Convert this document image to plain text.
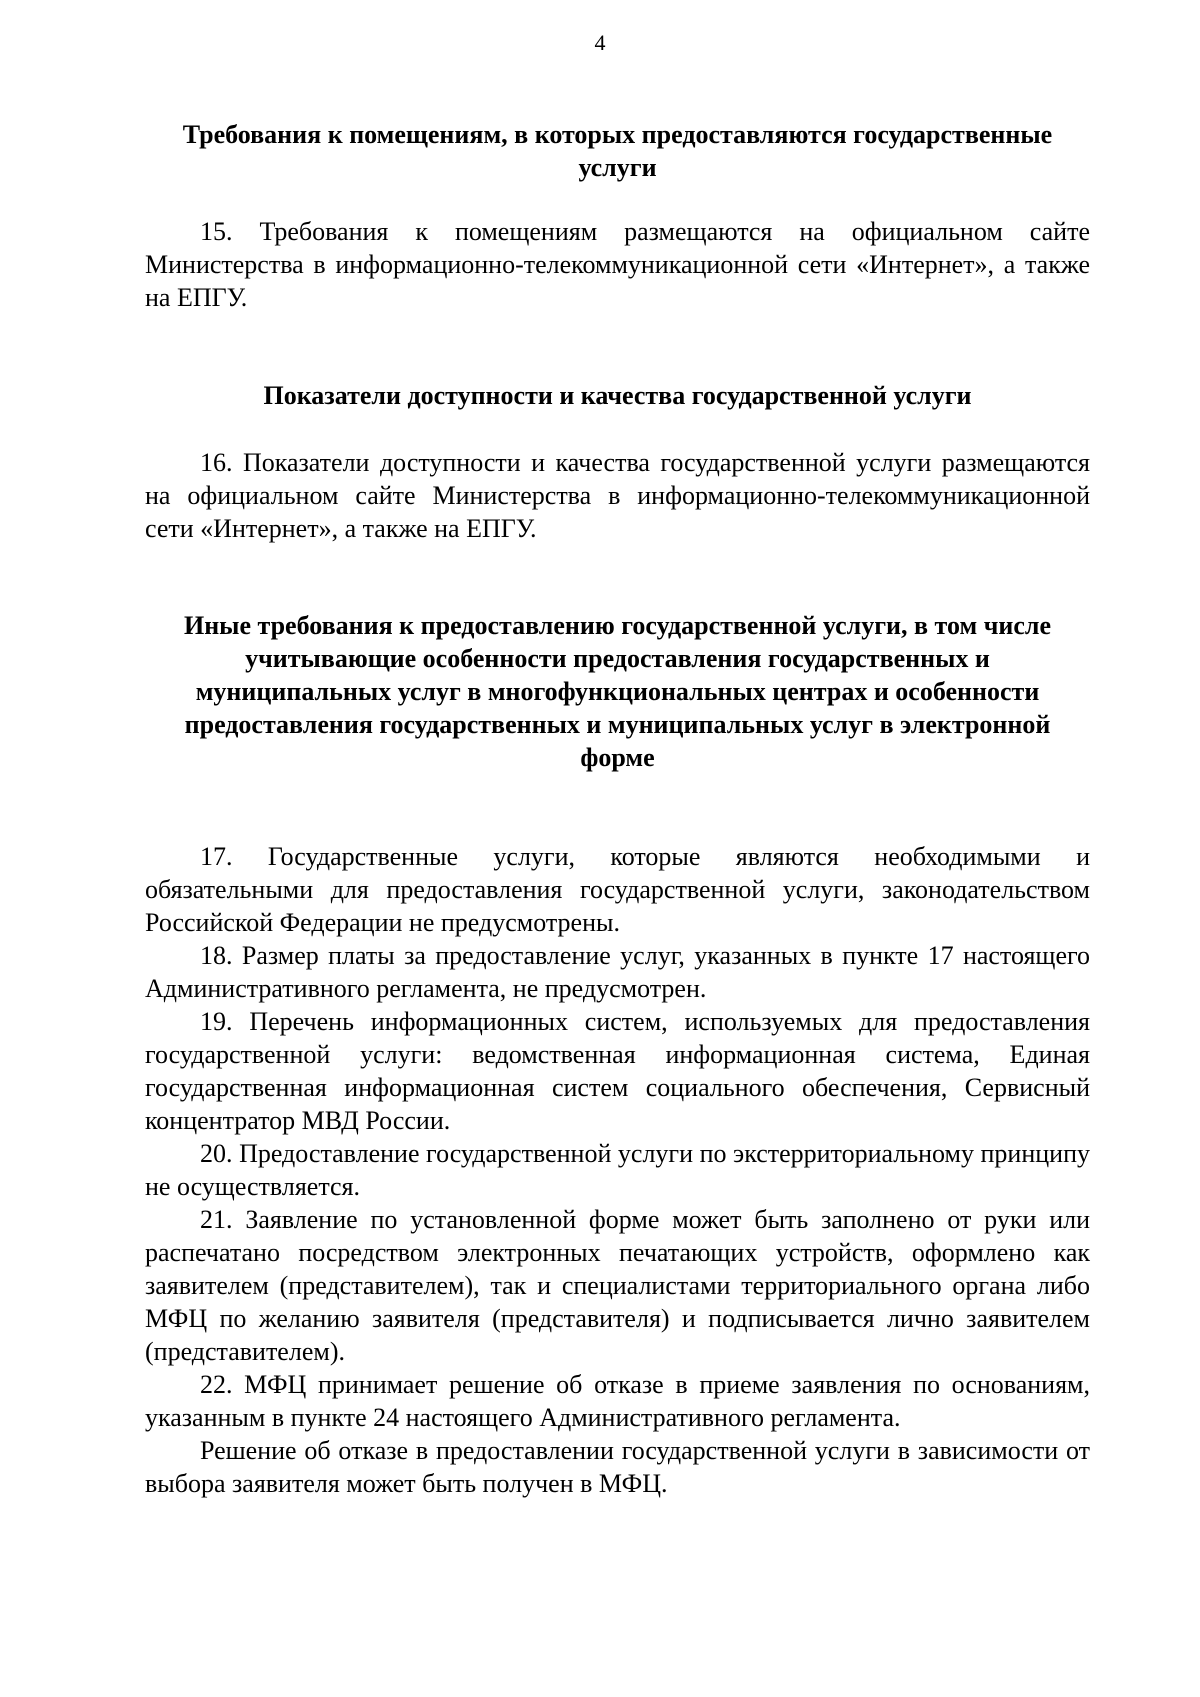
4
Требования к помещениям, в которых предоставляются государственные услуги

15. Требования к помещениям размещаются на официальном сайте Министерства в информационно-телекоммуникационной сети «Интернет», а также на ЕПГУ.

Показатели доступности и качества государственной услуги

16. Показатели доступности и качества государственной услуги размещаются на официальном сайте Министерства в информационно-телекоммуникационной сети «Интернет», а также на ЕПГУ.

Иные требования к предоставлению государственной услуги, в том числе учитывающие особенности предоставления государственных и муниципальных услуг в многофункциональных центрах и особенности предоставления государственных и муниципальных услуг в электронной форме

17. Государственные услуги, которые являются необходимыми и обязательными для предоставления государственной услуги, законодательством Российской Федерации не предусмотрены.

18. Размер платы за предоставление услуг, указанных в пункте 17 настоящего Административного регламента, не предусмотрен.

19. Перечень информационных систем, используемых для предоставления государственной услуги: ведомственная информационная система, Единая государственная информационная систем социального обеспечения, Сервисный концентратор МВД России.

20. Предоставление государственной услуги по экстерриториальному принципу не осуществляется.

21. Заявление по установленной форме может быть заполнено от руки или распечатано посредством электронных печатающих устройств, оформлено как заявителем (представителем), так и специалистами территориального органа либо МФЦ по желанию заявителя (представителя) и подписывается лично заявителем (представителем).

22. МФЦ принимает решение об отказе в приеме заявления по основаниям, указанным в пункте 24 настоящего Административного регламента.

Решение об отказе в предоставлении государственной услуги в зависимости от выбора заявителя может быть получен в МФЦ.
